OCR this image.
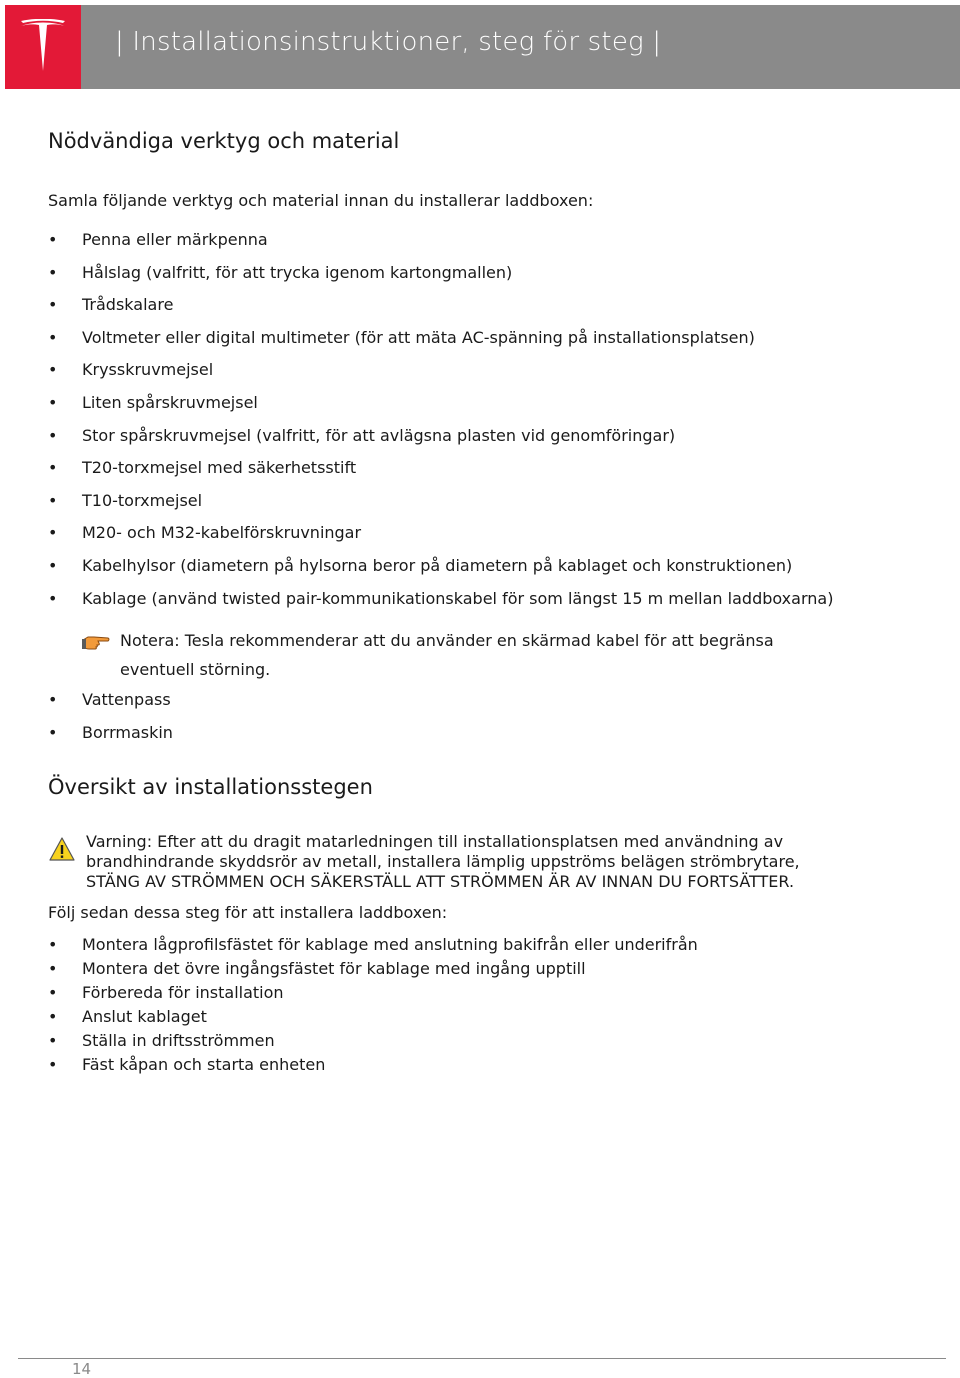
| Installationsinstruktioner, steg för steg |
Nödvändiga verktyg och material
Samla följande verktyg och material innan du installerar laddboxen:
• Penna eller märkpenna
• Hålslag (valfritt, för att trycka igenom kartongmallen)
• Trådskalare
• Voltmeter eller digital multimeter (för att mäta AC-spänning på installationsplatsen)
• Krysskruvmejsel
• Liten spårskruvmejsel
• Stor spårskruvmejsel (valfritt, för att avlägsna plasten vid genomföringar)
• T20-torxmejsel med säkerhetsstift
• T10-torxmejsel
• M20- och M32-kabelförskruvningar
• Kabelhylsor (diametern på hylsorna beror på diametern på kablaget och konstruktionen)
• Kablage (använd twisted pair-kommunikationskabel för som längst 15 m mellan laddboxarna)
Notera: Tesla rekommenderar att du använder en skärmad kabel för att begränsa eventuell störning.
• Vattenpass
• Borrmaskin
Översikt av installationsstegen
Varning: Efter att du dragit matarledningen till installationsplatsen med användning av
brandhindrande skyddsrör av metall, installera lämplig uppströms belägen strömbrytare,
STÄNG AV STRÖMMEN OCH SÄKERSTÄLL ATT STRÖMMEN ÄR AV INNAN DU FORTSÄTTER.
Följ sedan dessa steg för att installera laddboxen:
• Montera lågprofilsfästet för kablage med anslutning bakifrån eller underifrån
• Montera det övre ingångsfästet för kablage med ingång upptill
• Förbereda för installation
• Anslut kablaget
• Ställa in driftsströmmen
• Fäst kåpan och starta enheten
14
